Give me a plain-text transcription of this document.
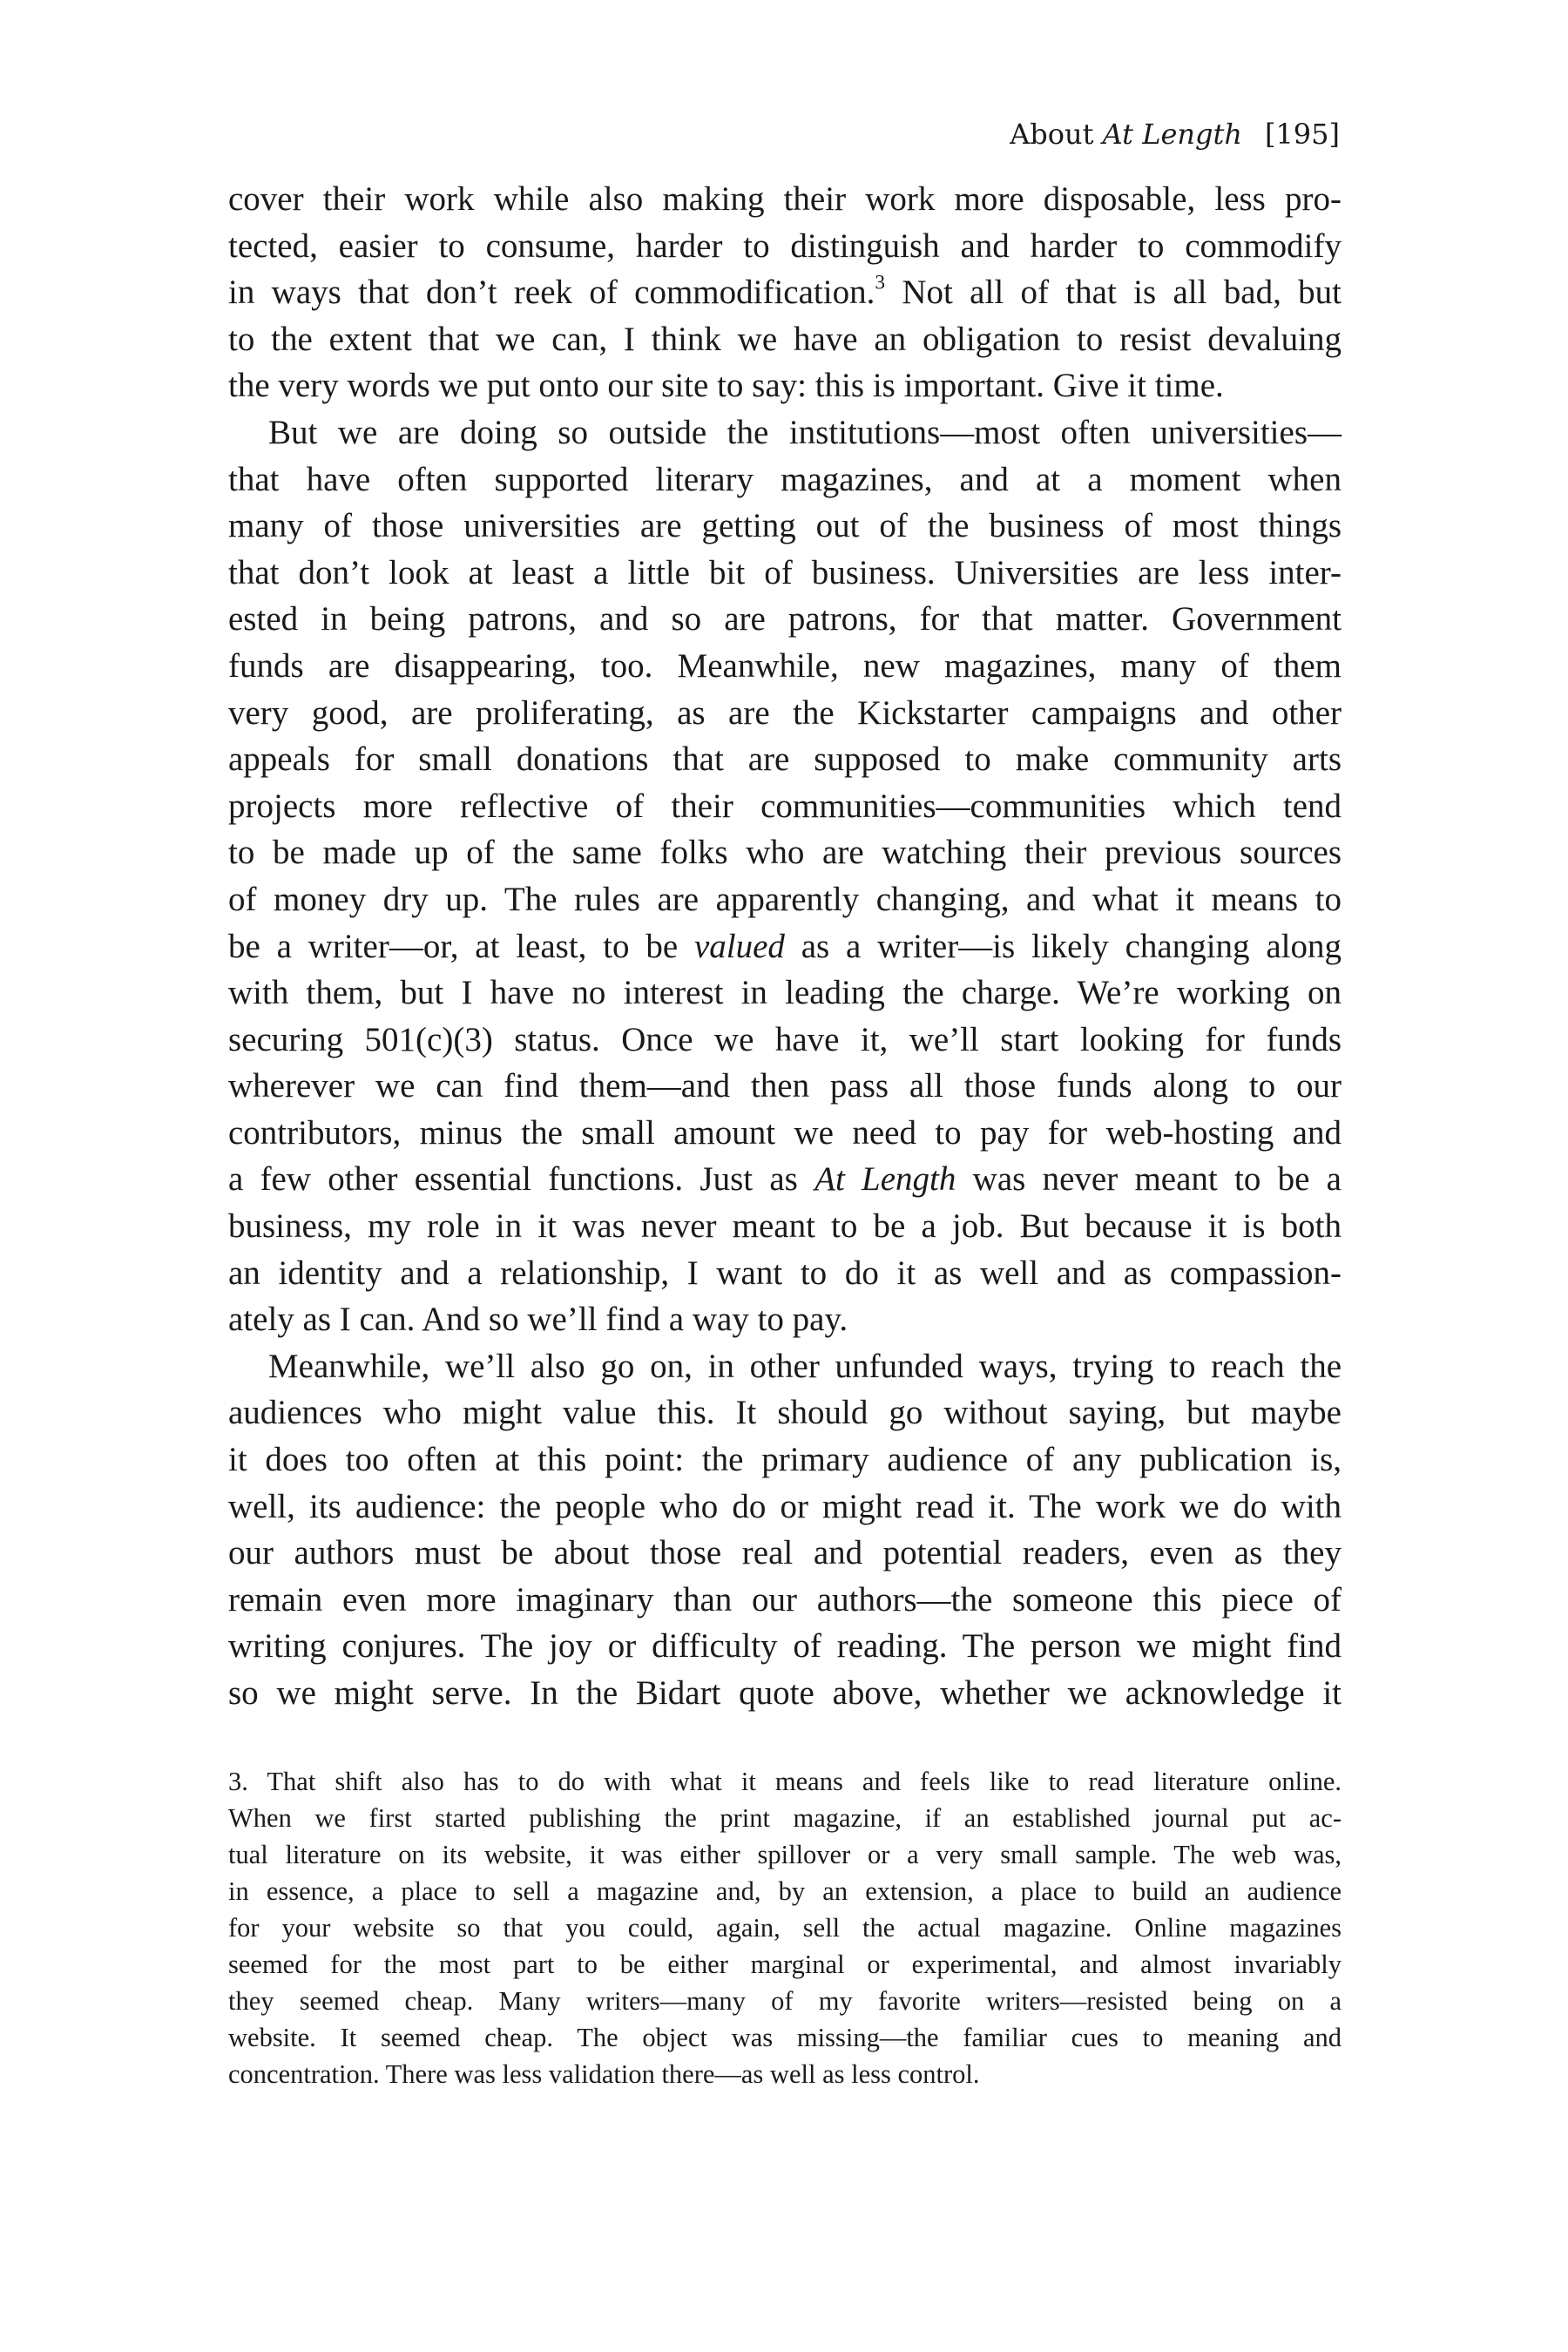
About At Length [195]
cover their work while also making their work more disposable, less pro-
tected, easier to consume, harder to distinguish and harder to commodify
in ways that don’t reek of commodification.$^3$ Not all of that is all bad, but
to the extent that we can, I think we have an obligation to resist devaluing
the very words we put onto our site to say: this is important. Give it time.
But we are doing so outside the institutions—most often universities—
that have often supported literary magazines, and at a moment when
many of those universities are getting out of the business of most things
that don’t look at least a little bit of business. Universities are less inter-
ested in being patrons, and so are patrons, for that matter. Government
funds are disappearing, too. Meanwhile, new magazines, many of them
very good, are proliferating, as are the Kickstarter campaigns and other
appeals for small donations that are supposed to make community arts
projects more reflective of their communities—communities which tend
to be made up of the same folks who are watching their previous sources
of money dry up. The rules are apparently changing, and what it means to
be a writer—or, at least, to be valued as a writer—is likely changing along
with them, but I have no interest in leading the charge. We’re working on
securing 501(c)(3) status. Once we have it, we’ll start looking for funds
wherever we can find them—and then pass all those funds along to our
contributors, minus the small amount we need to pay for web-hosting and
a few other essential functions. Just as At Length was never meant to be a
business, my role in it was never meant to be a job. But because it is both
an identity and a relationship, I want to do it as well and as compassion-
ately as I can. And so we’ll find a way to pay.
Meanwhile, we’ll also go on, in other unfunded ways, trying to reach the
audiences who might value this. It should go without saying, but maybe
it does too often at this point: the primary audience of any publication is,
well, its audience: the people who do or might read it. The work we do with
our authors must be about those real and potential readers, even as they
remain even more imaginary than our authors—the someone this piece of
writing conjures. The joy or difficulty of reading. The person we might find
so we might serve. In the Bidart quote above, whether we acknowledge it
3. That shift also has to do with what it means and feels like to read literature online.
When we first started publishing the print magazine, if an established journal put ac-
tual literature on its website, it was either spillover or a very small sample. The web was,
in essence, a place to sell a magazine and, by an extension, a place to build an audience
for your website so that you could, again, sell the actual magazine. Online magazines
seemed for the most part to be either marginal or experimental, and almost invariably
they seemed cheap. Many writers—many of my favorite writers—resisted being on a
website. It seemed cheap. The object was missing—the familiar cues to meaning and
concentration. There was less validation there—as well as less control.
